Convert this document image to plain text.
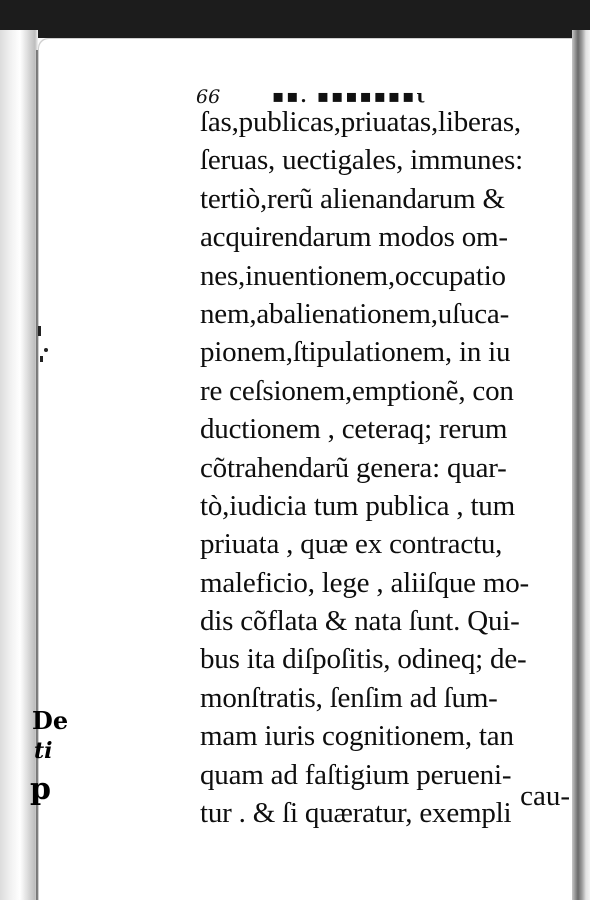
66	▪▪. ▪▪▪▪▪▪▪ι
ſas,publicas,priuatas,liberas,
ſeruas, uectigales, immunes:
tertiò,rerũ alienandarum &
acquirendarum modos om-
nes,inuentionem,occupatio
nem,abalienationem,uſuca-
pionem,ſtipulationem, in iu
re ceſsionem,emptionẽ, con
ductionem , ceteraq; rerum
cõtrahendarũ genera: quar-
tò,iudicia tum publica , tum
priuata , quæ ex contractu,
maleficio, lege , aliiſque mo-
dis cõflata & nata ſunt. Qui-
bus ita diſpoſitis, odineq; de-
monſtratis, ſenſim ad ſum-
mam iuris cognitionem, tan
quam ad faſtigium perueni-
tur . & ſi quæratur, exempli
cau-
De
ti
p
